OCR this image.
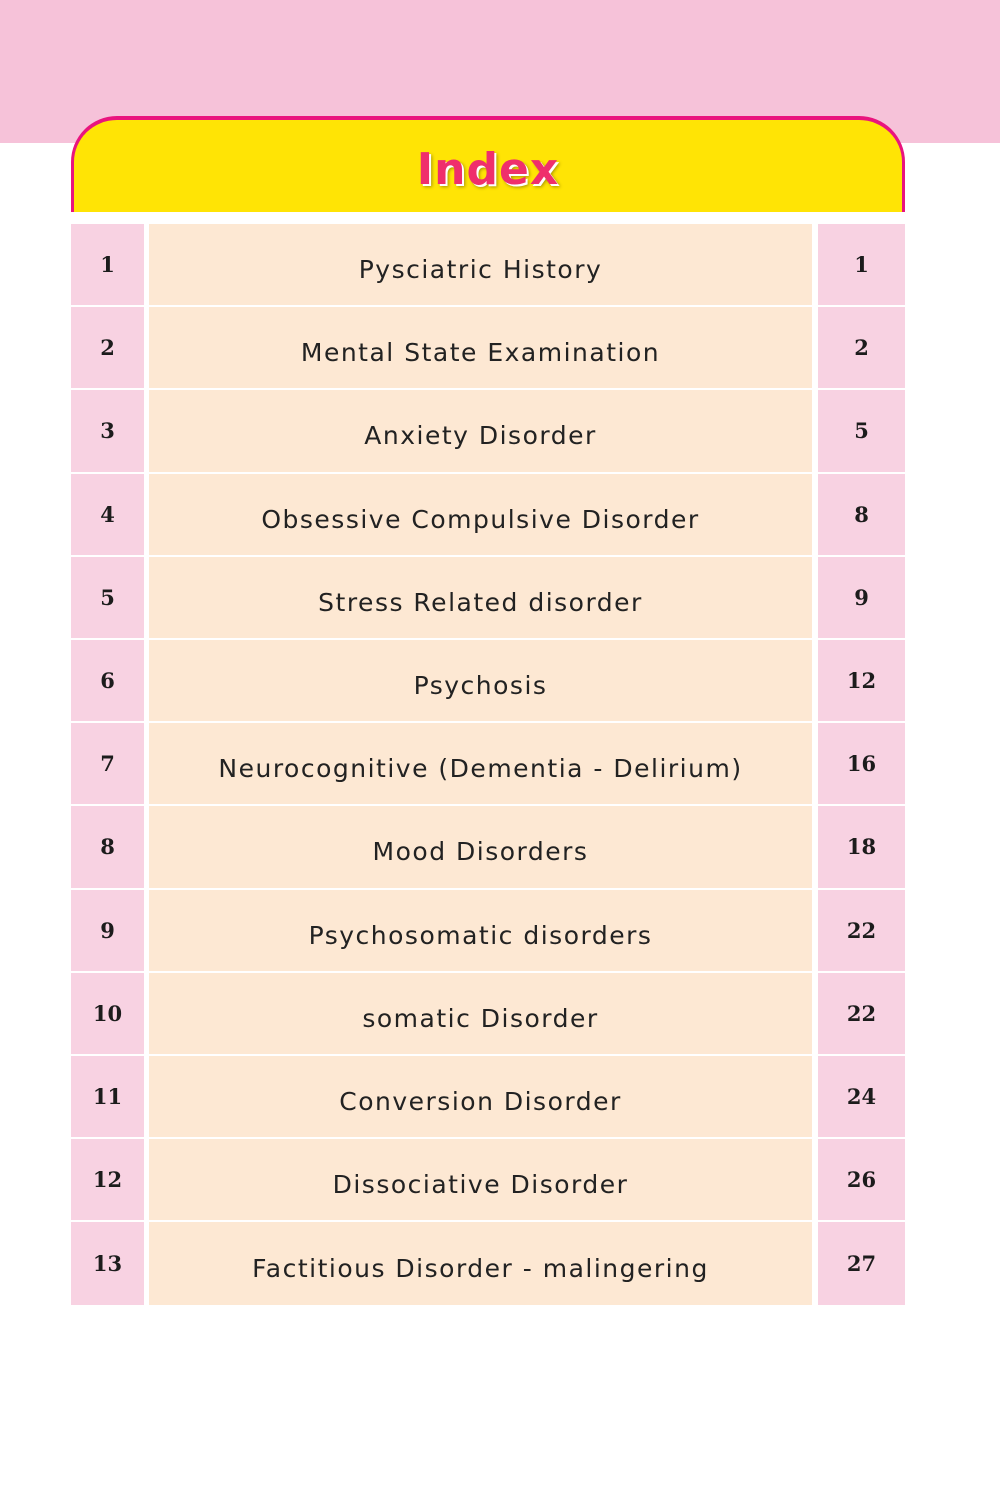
Index
1	Pysciatric History	1
2	Mental State Examination	2
3	Anxiety Disorder	5
4	Obsessive Compulsive Disorder	8
5	Stress Related disorder	9
6	Psychosis	12
7	Neurocognitive (Dementia - Delirium)	16
8	Mood Disorders	18
9	Psychosomatic disorders	22
10	somatic Disorder	22
11	Conversion Disorder	24
12	Dissociative Disorder	26
13	Factitious Disorder - malingering	27
